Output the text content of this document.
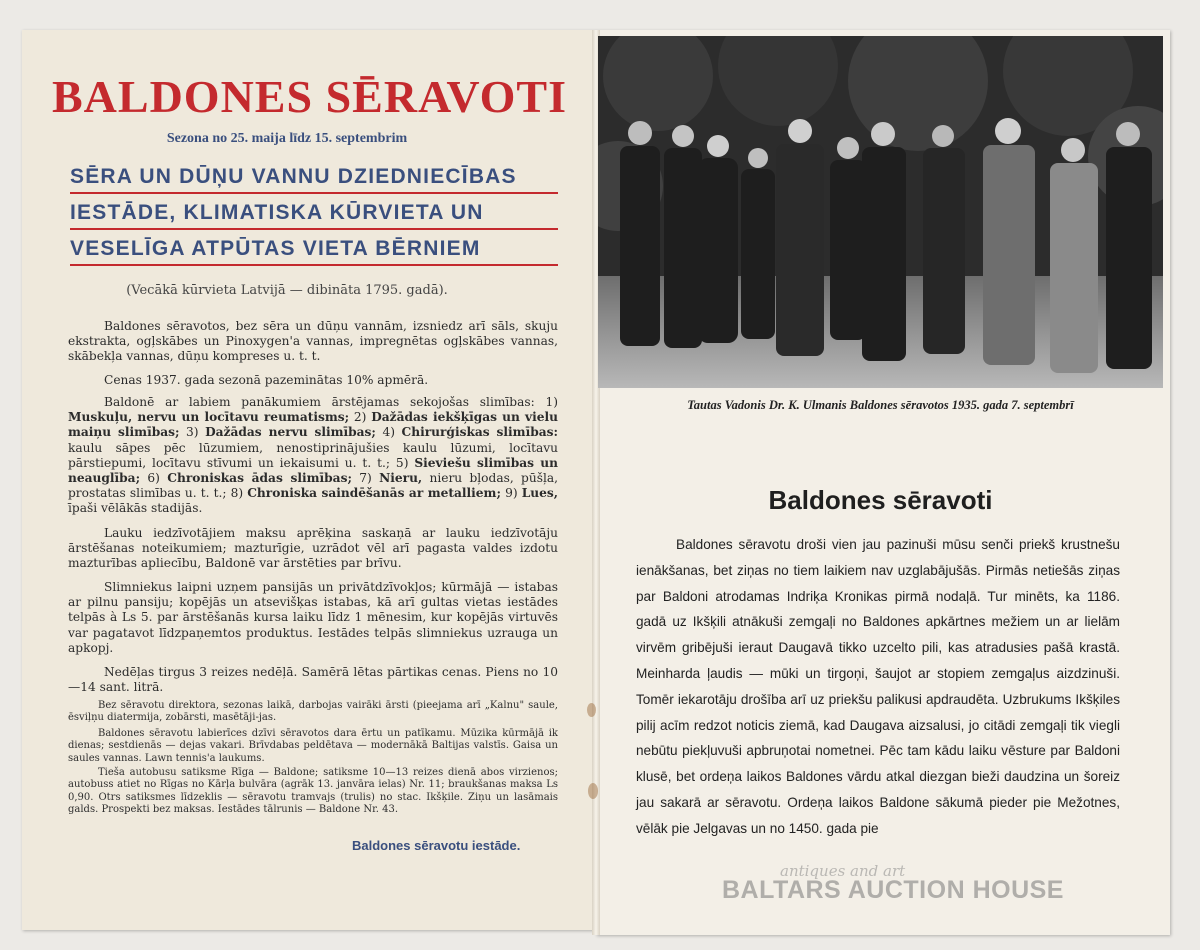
BALDONES SĒRAVOTI
Sezona no 25. maija līdz 15. septembrim
SĒRA UN DŪŅU VANNU DZIEDNIECĪBAS
IESTĀDE, KLIMATISKA KŪRVIETA UN
VESELĪGA ATPŪTAS VIETA BĒRNIEM
(Vecākā kūrvieta Latvijā — dibināta 1795. gadā).

Baldones sēravotos, bez sēra un dūņu vannām, izsniedz arī sāls, skuju ekstrakta, ogļskābes un Pinoxygen'a vannas, impregnētas ogļskābes vannas, skābekļa vannas, dūņu kompreses u. t. t.

Cenas 1937. gada sezonā pazeminātas 10% apmērā.

Baldonē ar labiem panākumiem ārstējamas sekojošas slimības: 1) Muskuļu, nervu un locītavu reumatisms; 2) Dažādas iekšķīgas un vielu maiņu slimības; 3) Dažādas nervu slimības; 4) Chirurģiskas slimības: kaulu sāpes pēc lūzumiem, nenostiprinājušies kaulu lūzumi, locītavu pārstiepumi, locītavu stīvumi un iekaisumi u. t. t.; 5) Sieviešu slimības un neauglība; 6) Chroniskas ādas slimības; 7) Nieru, nieru bļodas, pūšļa, prostatas slimības u. t. t.; 8) Chroniska saindēšanās ar metalliem; 9) Lues, īpaši vēlākās stadijās.

Lauku iedzīvotājiem maksu aprēķina saskaņā ar lauku iedzīvotāju ārstēšanas noteikumiem; mazturīgie, uzrādot vēl arī pagasta valdes izdotu mazturības apliecību, Baldonē var ārstēties par brīvu.

Slimniekus laipni uzņem pansijās un privātdzīvokļos; kūrmājā — istabas ar pilnu pansiju; kopējās un atsevišķas istabas, kā arī gultas vietas iestādes telpās à Ls 5. par ārstēšanās kursa laiku līdz 1 mēnesim, kur kopējās virtuvēs var pagatavot līdzpaņemtos produktus. Iestādes telpās slimniekus uzrauga un apkopj.

Nedēļas tirgus 3 reizes nedēļā. Samērā lētas pārtikas cenas. Piens no 10—14 sant. litrā.

Bez sēravotu direktora, sezonas laikā, darbojas vairāki ārsti (pieejama arī „Kalnu" saule, ēsviļņu diatermija, zobārsti, masētāji-jas.

Baldones sēravotu labierīces dzīvi sēravotos dara ērtu un patīkamu. Mūzika kūrmājā ik dienas; sestdienās — dejas vakari. Brīvdabas peldētava — modernākā Baltijas valstīs. Gaisa un saules vannas. Lawn tennis'a laukums.

Tieša autobusu satiksme Rīga — Baldone; satiksme 10—13 reizes dienā abos virzienos; autobuss atiet no Rīgas no Kārļa bulvāra (agrāk 13. janvāra ielas) Nr. 11; braukšanas maksa Ls 0,90. Otrs satiksmes līdzeklis — sēravotu tramvajs (trulis) no stac. Ikšķile. Ziņu un lasāmais galds. Prospekti bez maksas. Iestādes tālrunis — Baldone Nr. 43.

Baldones sēravotu iestāde.
Tautas Vadonis Dr. K. Ulmanis Baldones sēravotos 1935. gada 7. septembrī
Baldones sēravoti

Baldones sēravotu droši vien jau pazinuši mūsu senči priekš krustnešu ienākšanas, bet ziņas no tiem laikiem nav uzglabājušās. Pirmās netiešās ziņas par Baldoni atrodamas Indriķa Kronikas pirmā nodaļā. Tur minēts, ka 1186. gadā uz Ikšķili atnākuši zemgaļi no Baldones apkārtnes mežiem un ar lielām virvēm gribējuši ieraut Daugavā tikko uzcelto pili, kas atradusies pašā krastā. Meinharda ļaudis — mūki un tirgoņi, šaujot ar stopiem zemgaļus aizdzinuši. Tomēr iekarotāju drošība arī uz priekšu palikusi apdraudēta. Uzbrukums Ikšķiles pilij acīm redzot noticis ziemā, kad Daugava aizsalusi, jo citādi zemgaļi tik viegli nebūtu piekļuvuši apbruņotai nometnei. Pēc tam kādu laiku vēsture par Baldoni klusē, bet ordeņa laikos Baldones vārdu atkal diezgan bieži daudzina un šoreiz jau sakarā ar sēravotu. Ordeņa laikos Baldone sākumā pieder pie Mežotnes, vēlāk pie Jelgavas un no 1450. gada pie

antiques and art
BALTARS AUCTION HOUSE
